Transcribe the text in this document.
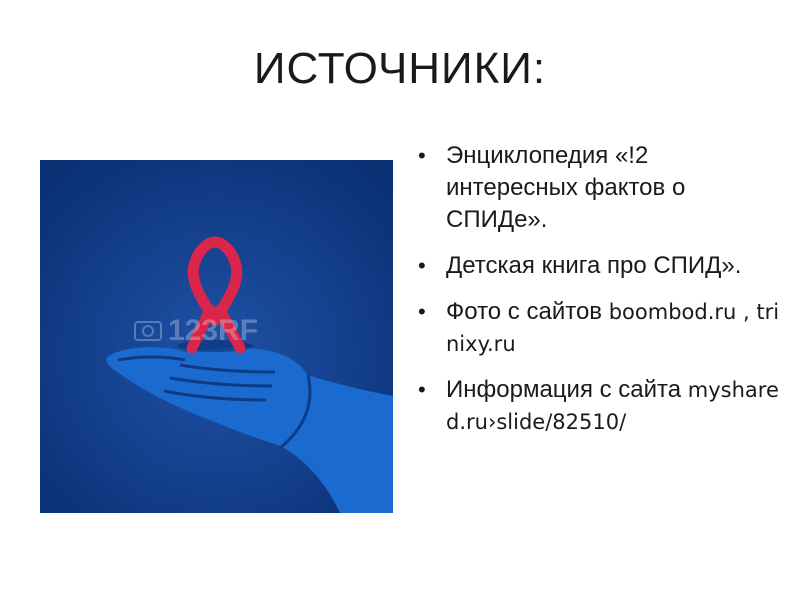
ИСТОЧНИКИ:
123RF
• Энциклопедия «!2 интересных фактов о СПИДе».
• Детская книга про СПИД».
• Фото с сайтов boombod.ru , trinixy.ru
• Информация с сайта myshared.ru›slide/82510/
